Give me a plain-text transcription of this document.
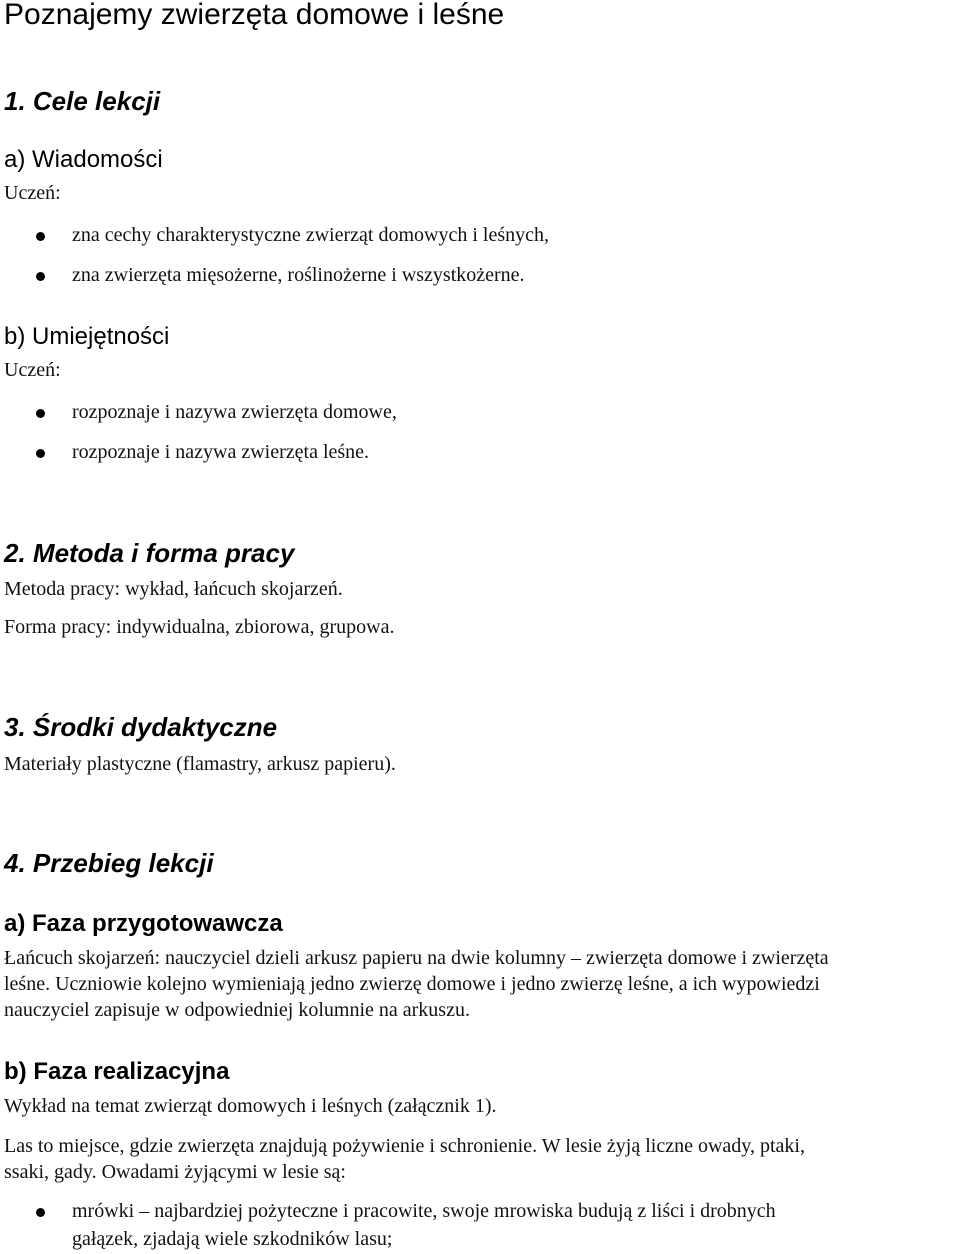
Poznajemy zwierzęta domowe i leśne
1. Cele lekcji
a) Wiadomości
Uczeń:
zna cechy charakterystyczne zwierząt domowych i leśnych,
zna zwierzęta mięsożerne, roślinożerne i wszystkożerne.
b) Umiejętności
Uczeń:
rozpoznaje i nazywa zwierzęta domowe,
rozpoznaje i nazywa zwierzęta leśne.
2. Metoda i forma pracy
Metoda pracy: wykład, łańcuch skojarzeń.
Forma pracy: indywidualna, zbiorowa, grupowa.
3. Środki dydaktyczne
Materiały plastyczne (flamastry, arkusz papieru).
4. Przebieg lekcji
a) Faza przygotowawcza
Łańcuch skojarzeń: nauczyciel dzieli arkusz papieru na dwie kolumny – zwierzęta domowe i zwierzęta
leśne. Uczniowie kolejno wymieniają jedno zwierzę domowe i jedno zwierzę leśne, a ich wypowiedzi
nauczyciel zapisuje w odpowiedniej kolumnie na arkuszu.
b) Faza realizacyjna
Wykład na temat zwierząt domowych i leśnych (załącznik 1).
Las to miejsce, gdzie zwierzęta znajdują pożywienie i schronienie. W lesie żyją liczne owady, ptaki,
ssaki, gady. Owadami żyjącymi w lesie są:
mrówki – najbardziej pożyteczne i pracowite, swoje mrowiska budują z liści i drobnych
gałązek, zjadają wiele szkodników lasu;
